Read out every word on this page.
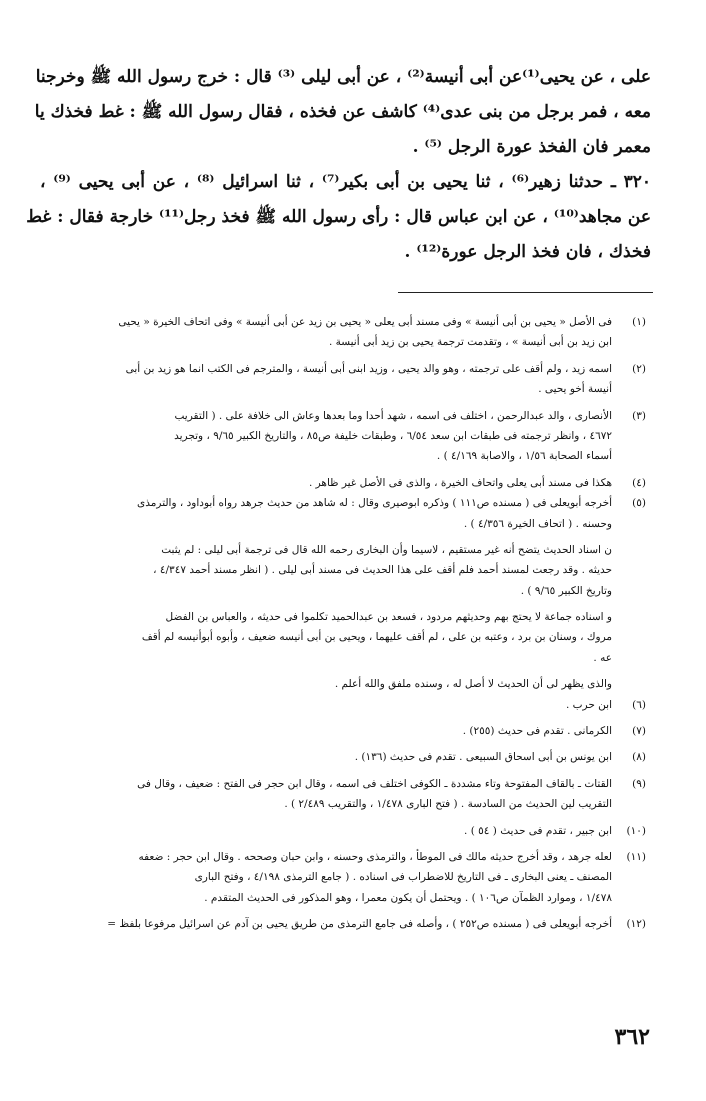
على ، عن يحيى⁽¹⁾عن أبى أنيسة⁽²⁾ ، عن أبى ليلى ⁽³⁾ قال : خرج رسول الله ﷺ وخرجنا
معه ، فمر برجل من بنى عدى⁽⁴⁾ كاشف عن فخذه ، فقال رسول الله ﷺ : غط فخذك يا
معمر فان الفخذ عورة الرجل ⁽⁵⁾ .
٣٢٠ ـ حدثنا زهير⁽⁶⁾ ، ثنا يحيى بن أبى بكير⁽⁷⁾ ، ثنا اسرائيل ⁽⁸⁾ ، عن أبى يحيى ⁽⁹⁾ ،
عن مجاهد⁽¹⁰⁾ ، عن ابن عباس قال : رأى رسول الله ﷺ فخذ رجل⁽¹¹⁾ خارجة فقال : غط
فخذك ، فان فخذ الرجل عورة⁽¹²⁾ .
(١)
فى الأصل « يحيى بن أبى أنيسة » وفى مسند أبى يعلى « يحيى بن زيد عن أبى أنيسة » وفى اتحاف الخيرة « يحيى
ابن زيد بن أبى أنيسة » ، وتقدمت ترجمة يحيى بن زيد أبى أنيسة .
(٢)
اسمه زيد ، ولم أقف على ترجمته ، وهو والد يحيى ، وزيد ابنى أبى أنيسة ، والمترجم فى الكتب انما هو زيد بن أبى
أنيسة أخو يحيى .
(٣)
الأنصارى ، والد عبدالرحمن ، اختلف فى اسمه ، شهد أحدا وما بعدها وعاش الى خلافة على . ( التقريب
٤٦٧٢ ، وانظر ترجمته فى طبقات ابن سعد ٦/٥٤ ، وطبقات خليفة ص٨٥ ، والتاريخ الكبير ٩/٦٥ ، وتجريد
أسماء الصحابة ١/٥٦ ، والاصابة ٤/١٦٩ ) .
(٤)
هكذا فى مسند أبى يعلى واتحاف الخيرة ، والذى فى الأصل غير ظاهر .
(٥)
أخرجه أبويعلى فى ( مسنده ص١١١ ) وذكره ابوصيرى وقال : له شاهد من حديث جرهد رواه أبوداود ، والترمذى
وحسنه . ( اتحاف الخيرة ٤/٣٥٦ ) .
ن اسناد الحديث يتضح أنه غير مستقيم ، لاسيما وأن البخارى رحمه الله قال فى ترجمة أبى ليلى : لم يثبت
حديثه . وقد رجعت لمسند أحمد فلم أقف على هذا الحديث فى مسند أبى ليلى . ( انظر مسند أحمد ٤/٣٤٧ ،
وتاريخ الكبير ٩/٦٥ ) .
و اسناده جماعة لا يحتج بهم وحديثهم مردود ، فسعد بن عبدالحميد تكلموا فى حديثه ، والعباس بن الفضل
مروك ، وسنان بن برد ، وعتبه بن على ، لم أقف عليهما ، ويحيى بن أبى أنيسه ضعيف ، وأبوه أبوأنيسه لم أقف
عه .
والذى يظهر لى أن الحديث لا أصل له ، وسنده ملفق والله أعلم .
(٦)
ابن حرب .
(٧)
الكرمانى . تقدم فى حديث (٢٥٥) .
(٨)
ابن يونس بن أبى اسحاق السبيعى . تقدم فى حديث (١٣٦) .
(٩)
القتات ـ بالقاف المفتوحة وتاء مشددة ـ الكوفى اختلف فى اسمه ، وقال ابن حجر فى الفتح : ضعيف ، وقال فى
التقريب لين الحديث من السادسة . ( فتح البارى ١/٤٧٨ ، والتقريب ٢/٤٨٩ ) .
(١٠)
ابن جبير ، تقدم فى حديث ( ٥٤ ) .
(١١)
لعله جرهد ، وقد أخرج حديثه مالك فى الموطأ ، والترمذى وحسنه ، وابن حبان وصححه . وقال ابن حجر : ضعفه
المصنف ـ يعنى البخارى ـ فى التاريخ للاضطراب فى اسناده . ( جامع الترمذى ٤/١٩٨ ، وفتح البارى
١/٤٧٨ ، وموارد الظمآن ص١٠٦ ) . ويحتمل أن يكون معمرا ، وهو المذكور فى الحديث المتقدم .
(١٢)
أخرجه أبويعلى فى ( مسنده ص٢٥٢ ) ، وأصله فى جامع الترمذى من طريق يحيى بن آدم عن اسرائيل مرفوعا بلفظ =
٣٦٢
